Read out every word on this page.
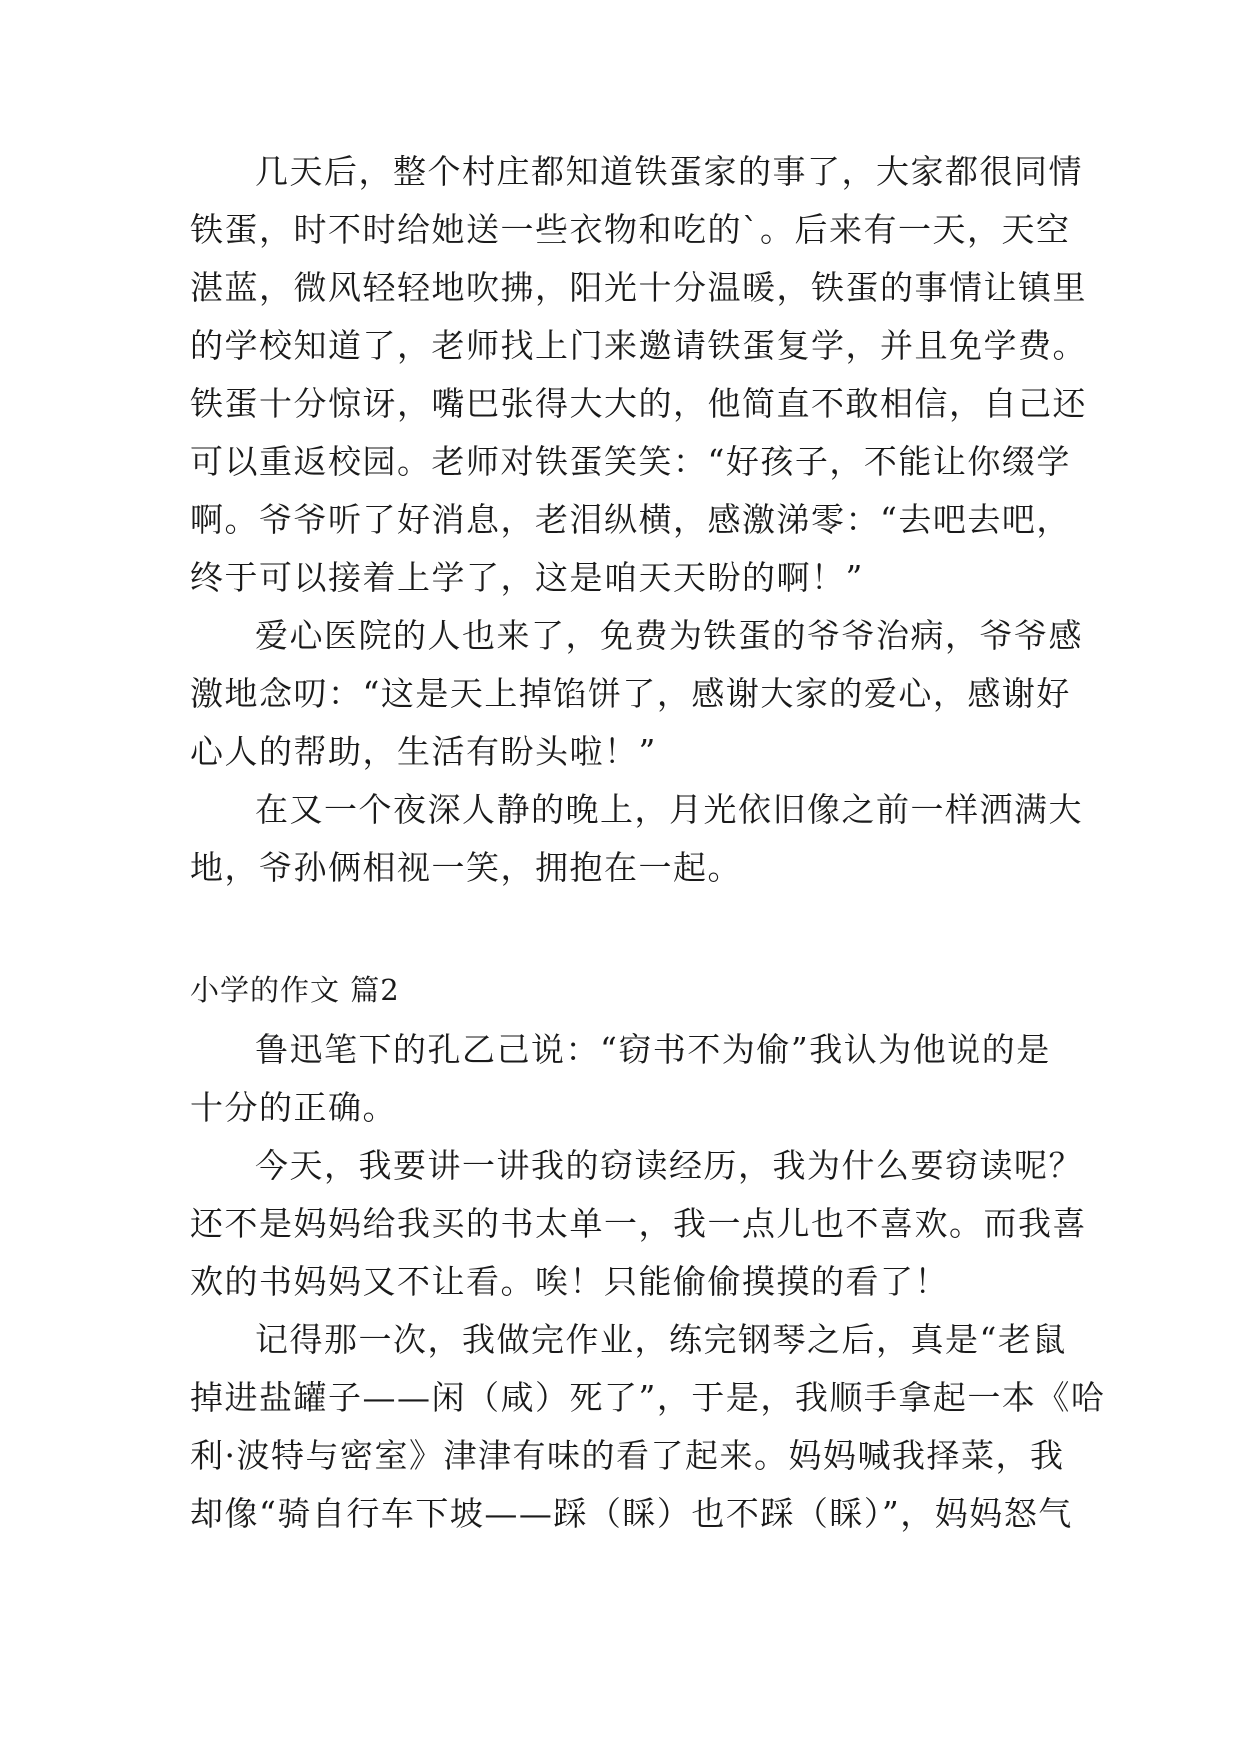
几天后，整个村庄都知道铁蛋家的事了，大家都很同情
铁蛋，时不时给她送一些衣物和吃的`。后来有一天，天空
湛蓝，微风轻轻地吹拂，阳光十分温暖，铁蛋的事情让镇里
的学校知道了，老师找上门来邀请铁蛋复学，并且免学费。
铁蛋十分惊讶，嘴巴张得大大的，他简直不敢相信，自己还
可以重返校园。老师对铁蛋笑笑：“好孩子，不能让你缀学
啊。爷爷听了好消息，老泪纵横，感激涕零：“去吧去吧，
终于可以接着上学了，这是咱天天盼的啊！”
爱心医院的人也来了，免费为铁蛋的爷爷治病，爷爷感
激地念叨：“这是天上掉馅饼了，感谢大家的爱心，感谢好
心人的帮助，生活有盼头啦！”
在又一个夜深人静的晚上，月光依旧像之前一样洒满大
地，爷孙俩相视一笑，拥抱在一起。
小学的作文 篇2
鲁迅笔下的孔乙己说：“窃书不为偷”我认为他说的是
十分的正确。
今天，我要讲一讲我的窃读经历，我为什么要窃读呢？
还不是妈妈给我买的书太单一，我一点儿也不喜欢。而我喜
欢的书妈妈又不让看。唉！只能偷偷摸摸的看了！
记得那一次，我做完作业，练完钢琴之后，真是“老鼠
掉进盐罐子——闲（咸）死了”，于是，我顺手拿起一本《哈
利·波特与密室》津津有味的看了起来。妈妈喊我择菜，我
却像“骑自行车下坡——踩（睬）也不踩（睬）”，妈妈怒气
